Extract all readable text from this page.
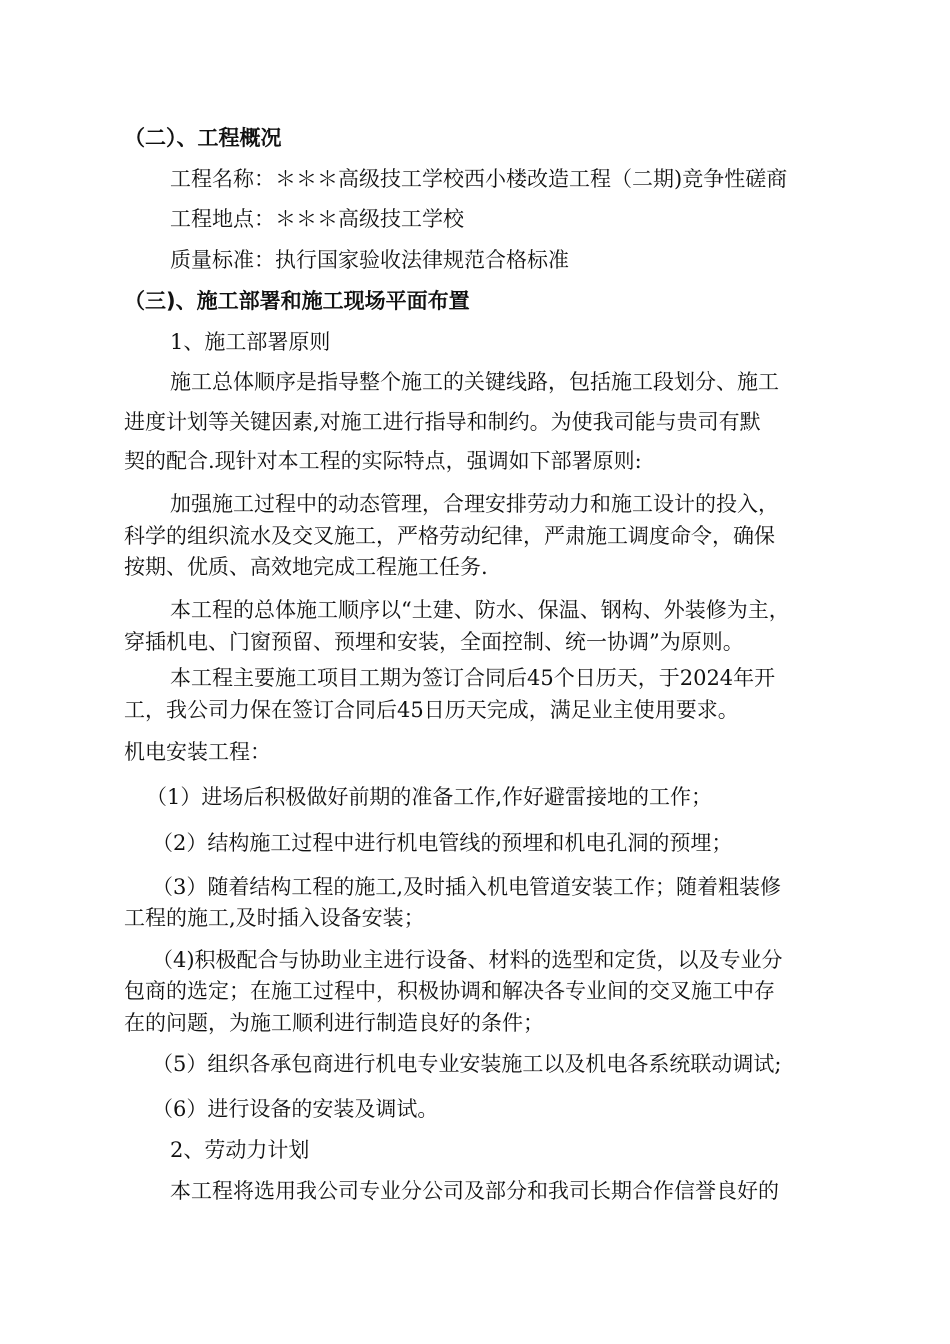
（二）、工程概况
工程名称：＊＊＊高级技工学校西小楼改造工程（二期)竞争性磋商
工程地点：＊＊＊高级技工学校
质量标准：执行国家验收法律规范合格标准
（三)、施工部署和施工现场平面布置
1、施工部署原则
施工总体顺序是指导整个施工的关键线路，包括施工段划分、施工
进度计划等关键因素,对施工进行指导和制约。为使我司能与贵司有默
契的配合.现针对本工程的实际特点，强调如下部署原则:
加强施工过程中的动态管理，合理安排劳动力和施工设计的投入，
科学的组织流水及交叉施工，严格劳动纪律，严肃施工调度命令，确保
按期、优质、高效地完成工程施工任务.
本工程的总体施工顺序以“土建、防水、保温、钢构、外装修为主，
穿插机电、门窗预留、预埋和安装，全面控制、统一协调”为原则。
本工程主要施工项目工期为签订合同后45个日历天，于2024年开
工，我公司力保在签订合同后45日历天完成，满足业主使用要求。
机电安装工程：
（1）进场后积极做好前期的准备工作,作好避雷接地的工作；
（2）结构施工过程中进行机电管线的预埋和机电孔洞的预埋；
（3）随着结构工程的施工,及时插入机电管道安装工作；随着粗装修
工程的施工,及时插入设备安装；
（4)积极配合与协助业主进行设备、材料的选型和定货，以及专业分
包商的选定；在施工过程中，积极协调和解决各专业间的交叉施工中存
在的问题，为施工顺利进行制造良好的条件；
（5）组织各承包商进行机电专业安装施工以及机电各系统联动调试;
（6）进行设备的安装及调试。
2、劳动力计划
本工程将选用我公司专业分公司及部分和我司长期合作信誉良好的
